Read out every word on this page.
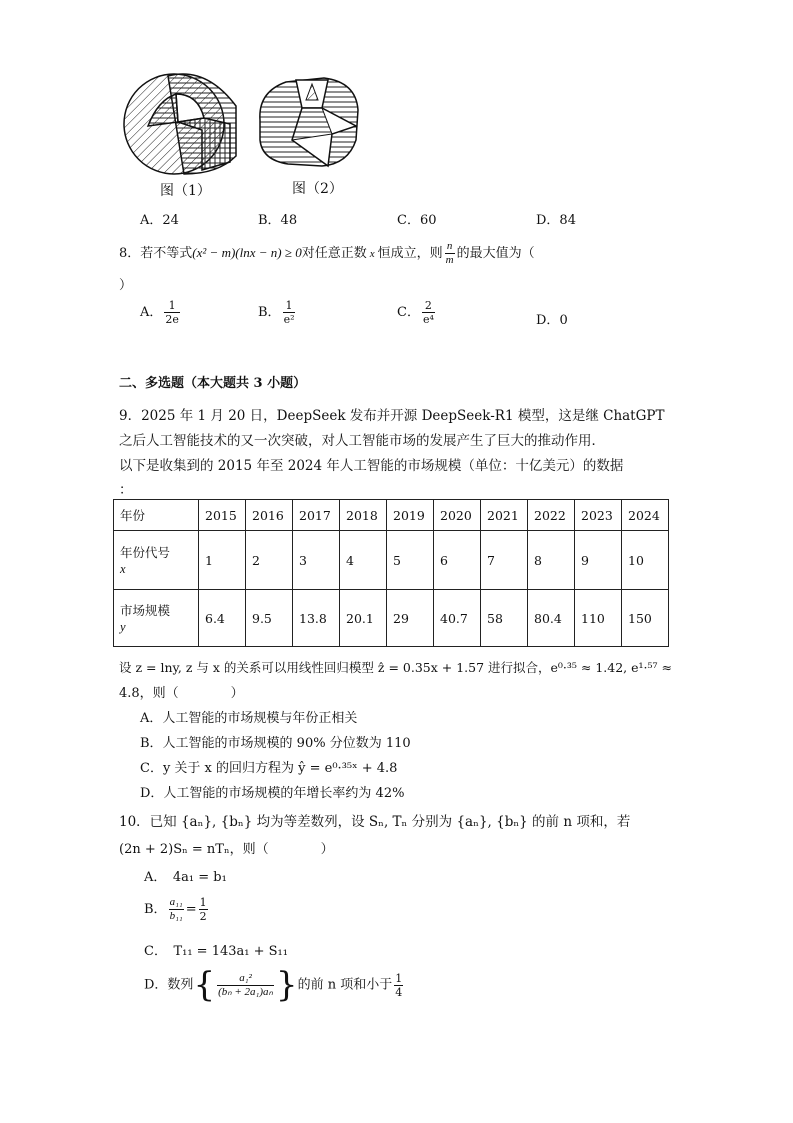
图（1）	图（2）
A．24	B．48	C．60	D．84
8．若不等式(x² − m)(lnx − n) ≥ 0对任意正数 x 恒成立，则 $\frac{n}{m}$ 的最大值为（
）
A． $\frac{1}{2e}$	B． $\frac{1}{\text{e²}}$	C． $\frac{2}{\text{e⁴}}$	D．0
二、多选题（本大题共 3 小题）
9．2025 年 1 月 20 日，DeepSeek 发布并开源 DeepSeek-R1 模型，这是继 ChatGPT
之后人工智能技术的又一次突破，对人工智能市场的发展产生了巨大的推动作用．
以下是收集到的 2015 年至 2024 年人工智能的市场规模（单位：十亿美元）的数据
：
年份	2015	2016	2017	2018	2019	2020	2021	2022	2023	2024
年份代号
x	1	2	3	4	5	6	7	8	9	10
市场规模
y	6.4	9.5	13.8	20.1	29	40.7	58	80.4	110	150
设 z = lny, z 与 x 的关系可以用线性回归模型 ẑ = 0.35x + 1.57 进行拟合，e⁰·³⁵ ≈ 1.42, e¹·⁵⁷ ≈
4.8，则（　　　　）
A．人工智能的市场规模与年份正相关
B．人工智能的市场规模的 90% 分位数为 110
C．y 关于 x 的回归方程为 ŷ = e⁰·³⁵ˣ + 4.8
D．人工智能的市场规模的年增长率约为 42%
10．已知 {aₙ}, {bₙ} 均为等差数列，设 Sₙ, Tₙ 分别为 {aₙ}, {bₙ} 的前 n 项和，若
(2n + 2)Sₙ = nTₙ，则（　　　　）
A．　4a₁ = b₁
B． $\frac{\text{a₁₁}}{\text{b₁₁}} = \frac{1}{2}$
C．　T₁₁ = 143a₁ + S₁₁
D．数列{ $\frac{\text{a₁²}}{\text{(bₙ + 2a₁)aₙ}}$ }的前 n 项和小于 $\frac{1}{4}$
